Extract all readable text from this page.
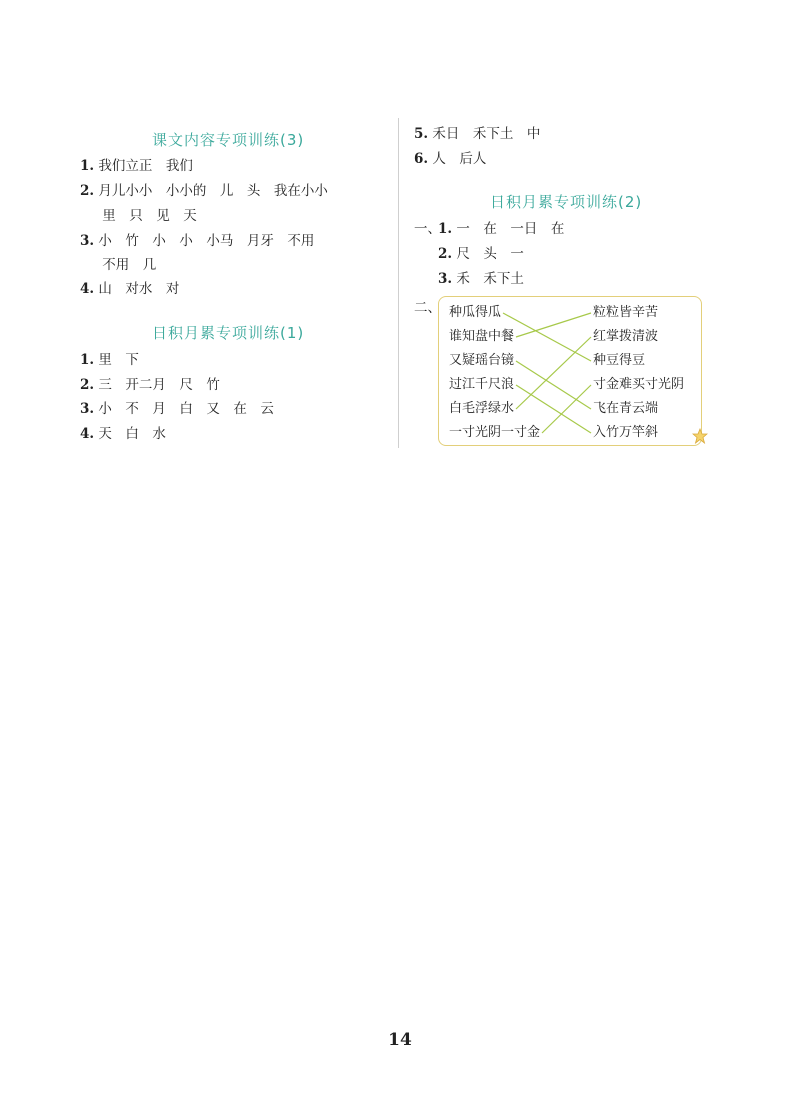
课文内容专项训练(3)
1. 我们立正　我们
2. 月儿小小　小小的　儿　头　我在小小
里　只　见　天
3. 小　竹　小　小　小马　月牙　不用
不用　几
4. 山　对水　对
日积月累专项训练(1)
1. 里　下
2. 三　开二月　尺　竹
3. 小　不　月　白　又　在　云
4. 天　白　水
5. 禾日　禾下土　中
6. 人　后人
日积月累专项训练(2)
一、
1. 一　在　一日　在
2. 尺　头　一
3. 禾　禾下土
二、 种瓜得瓜
谁知盘中餐
又疑瑶台镜
过江千尺浪
白毛浮绿水
一寸光阴一寸金
粒粒皆辛苦
红掌拨清波
种豆得豆
寸金难买寸光阴
飞在青云端
入竹万竿斜
14
